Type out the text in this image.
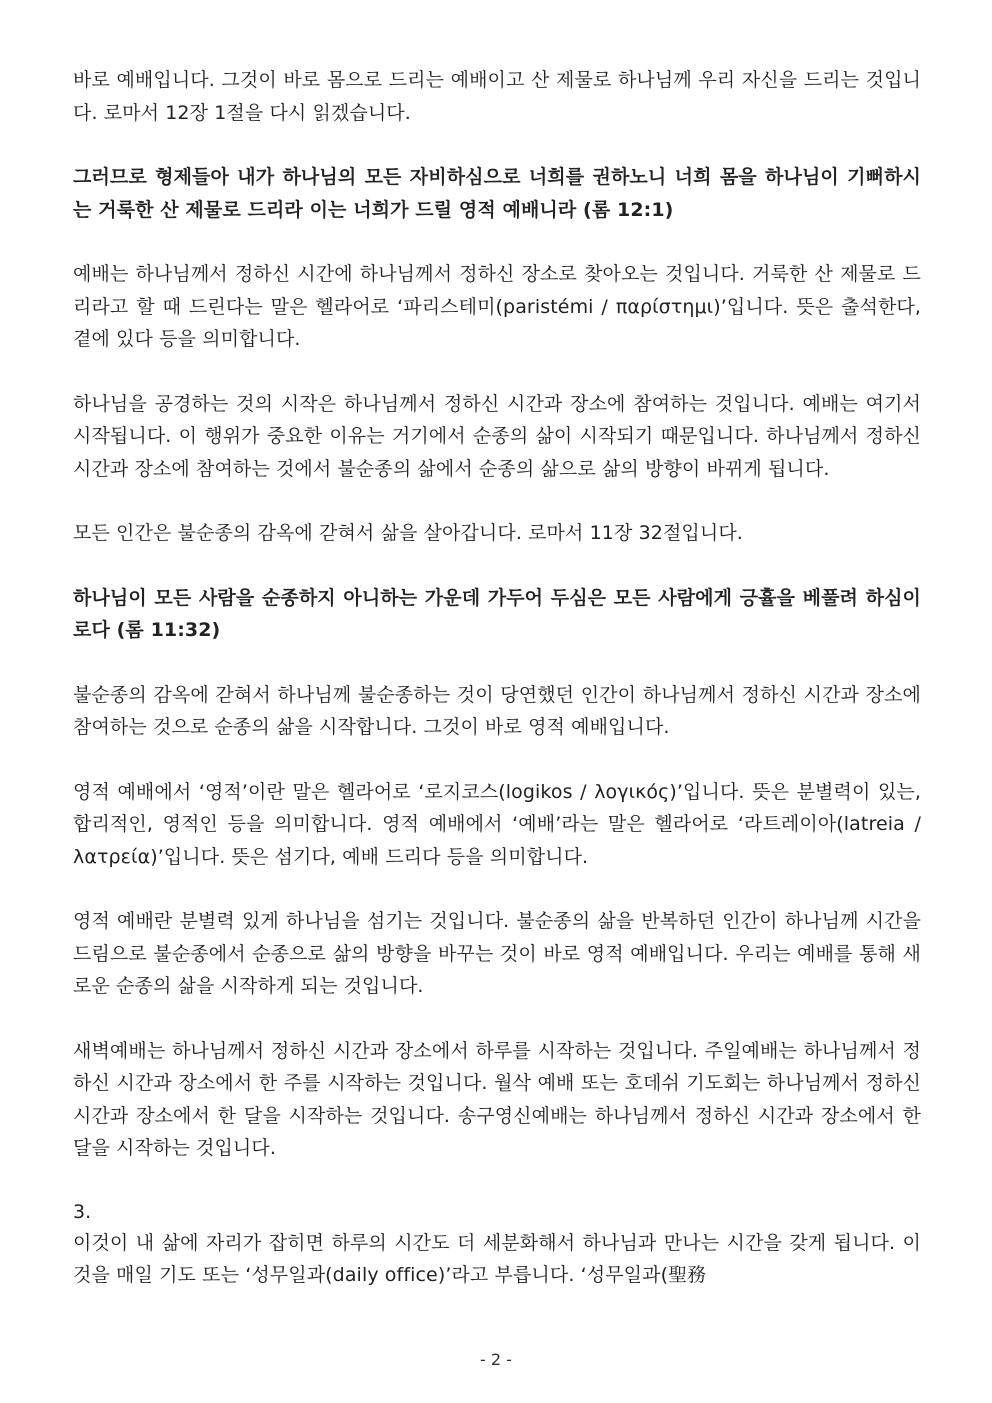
바로 예배입니다. 그것이 바로 몸으로 드리는 예배이고 산 제물로 하나님께 우리 자신을 드리는 것입니다. 로마서 12장 1절을 다시 읽겠습니다.

그러므로 형제들아 내가 하나님의 모든 자비하심으로 너희를 권하노니 너희 몸을 하나님이 기뻐하시는 거룩한 산 제물로 드리라 이는 너희가 드릴 영적 예배니라 (롬 12:1)

예배는 하나님께서 정하신 시간에 하나님께서 정하신 장소로 찾아오는 것입니다. 거룩한 산 제물로 드리라고 할 때 드린다는 말은 헬라어로 ‘파리스테미(paristémi / παρίστημι)’입니다. 뜻은 출석한다, 곁에 있다 등을 의미합니다.

하나님을 공경하는 것의 시작은 하나님께서 정하신 시간과 장소에 참여하는 것입니다. 예배는 여기서 시작됩니다. 이 행위가 중요한 이유는 거기에서 순종의 삶이 시작되기 때문입니다. 하나님께서 정하신 시간과 장소에 참여하는 것에서 불순종의 삶에서 순종의 삶으로 삶의 방향이 바뀌게 됩니다.

모든 인간은 불순종의 감옥에 갇혀서 삶을 살아갑니다. 로마서 11장 32절입니다.

하나님이 모든 사람을 순종하지 아니하는 가운데 가두어 두심은 모든 사람에게 긍휼을 베풀려 하심이로다 (롬 11:32)

불순종의 감옥에 갇혀서 하나님께 불순종하는 것이 당연했던 인간이 하나님께서 정하신 시간과 장소에 참여하는 것으로 순종의 삶을 시작합니다. 그것이 바로 영적 예배입니다.

영적 예배에서 ‘영적’이란 말은 헬라어로 ‘로지코스(logikos / λογικός)’입니다. 뜻은 분별력이 있는, 합리적인, 영적인 등을 의미합니다. 영적 예배에서 ‘예배’라는 말은 헬라어로 ‘라트레이아(latreia / λατρεία)’입니다. 뜻은 섬기다, 예배 드리다 등을 의미합니다.

영적 예배란 분별력 있게 하나님을 섬기는 것입니다. 불순종의 삶을 반복하던 인간이 하나님께 시간을 드림으로 불순종에서 순종으로 삶의 방향을 바꾸는 것이 바로 영적 예배입니다. 우리는 예배를 통해 새로운 순종의 삶을 시작하게 되는 것입니다.

새벽예배는 하나님께서 정하신 시간과 장소에서 하루를 시작하는 것입니다. 주일예배는 하나님께서 정하신 시간과 장소에서 한 주를 시작하는 것입니다. 월삭 예배 또는 호데쉬 기도회는 하나님께서 정하신 시간과 장소에서 한 달을 시작하는 것입니다. 송구영신예배는 하나님께서 정하신 시간과 장소에서 한 달을 시작하는 것입니다.

3.

이것이 내 삶에 자리가 잡히면 하루의 시간도 더 세분화해서 하나님과 만나는 시간을 갖게 됩니다. 이것을 매일 기도 또는 ‘성무일과(daily office)’라고 부릅니다. ‘성무일과(聖務

- 2 -
